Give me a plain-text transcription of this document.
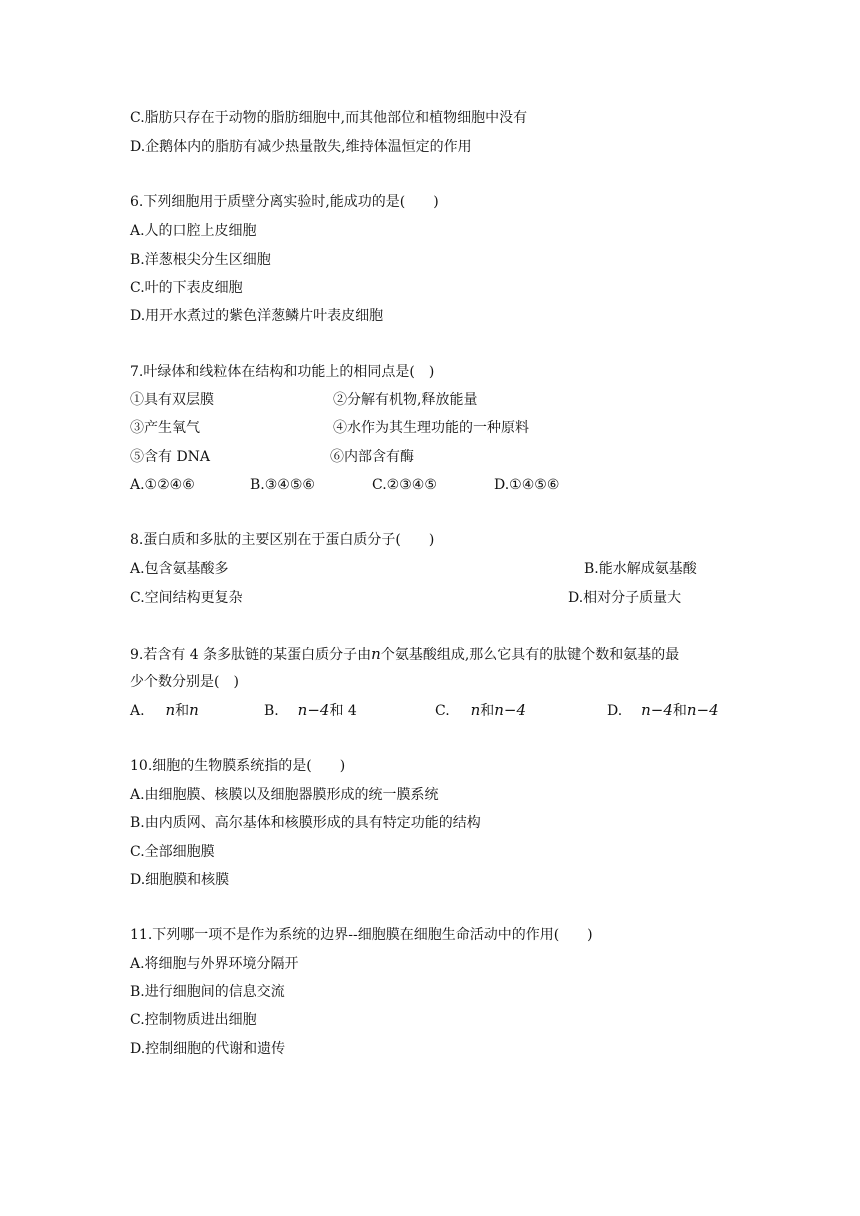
C.脂肪只存在于动物的脂肪细胞中,而其他部位和植物细胞中没有
D.企鹅体内的脂肪有减少热量散失,维持体温恒定的作用
6.下列细胞用于质壁分离实验时,能成功的是(　　)
A.人的口腔上皮细胞
B.洋葱根尖分生区细胞
C.叶的下表皮细胞
D.用开水煮过的紫色洋葱鳞片叶表皮细胞
7.叶绿体和线粒体在结构和功能上的相同点是(　)
①具有双层膜	②分解有机物,释放能量
③产生氧气	④水作为其生理功能的一种原料
⑤含有 DNA	⑥内部含有酶
A.①②④⑥	B.③④⑤⑥	C.②③④⑤	D.①④⑤⑥
8.蛋白质和多肽的主要区别在于蛋白质分子(　　)
A.包含氨基酸多	B.能水解成氨基酸
C.空间结构更复杂	D.相对分子质量大
9.若含有 4 条多肽链的某蛋白质分子由n个氨基酸组成,那么它具有的肽键个数和氨基的最
少个数分别是(　)
A. n和n	B. n−4和 4	C. n和n−4	D. n−4和n−4
10.细胞的生物膜系统指的是(　　)
A.由细胞膜、核膜以及细胞器膜形成的统一膜系统
B.由内质网、高尔基体和核膜形成的具有特定功能的结构
C.全部细胞膜
D.细胞膜和核膜
11.下列哪一项不是作为系统的边界--细胞膜在细胞生命活动中的作用(　　)
A.将细胞与外界环境分隔开
B.进行细胞间的信息交流
C.控制物质进出细胞
D.控制细胞的代谢和遗传
